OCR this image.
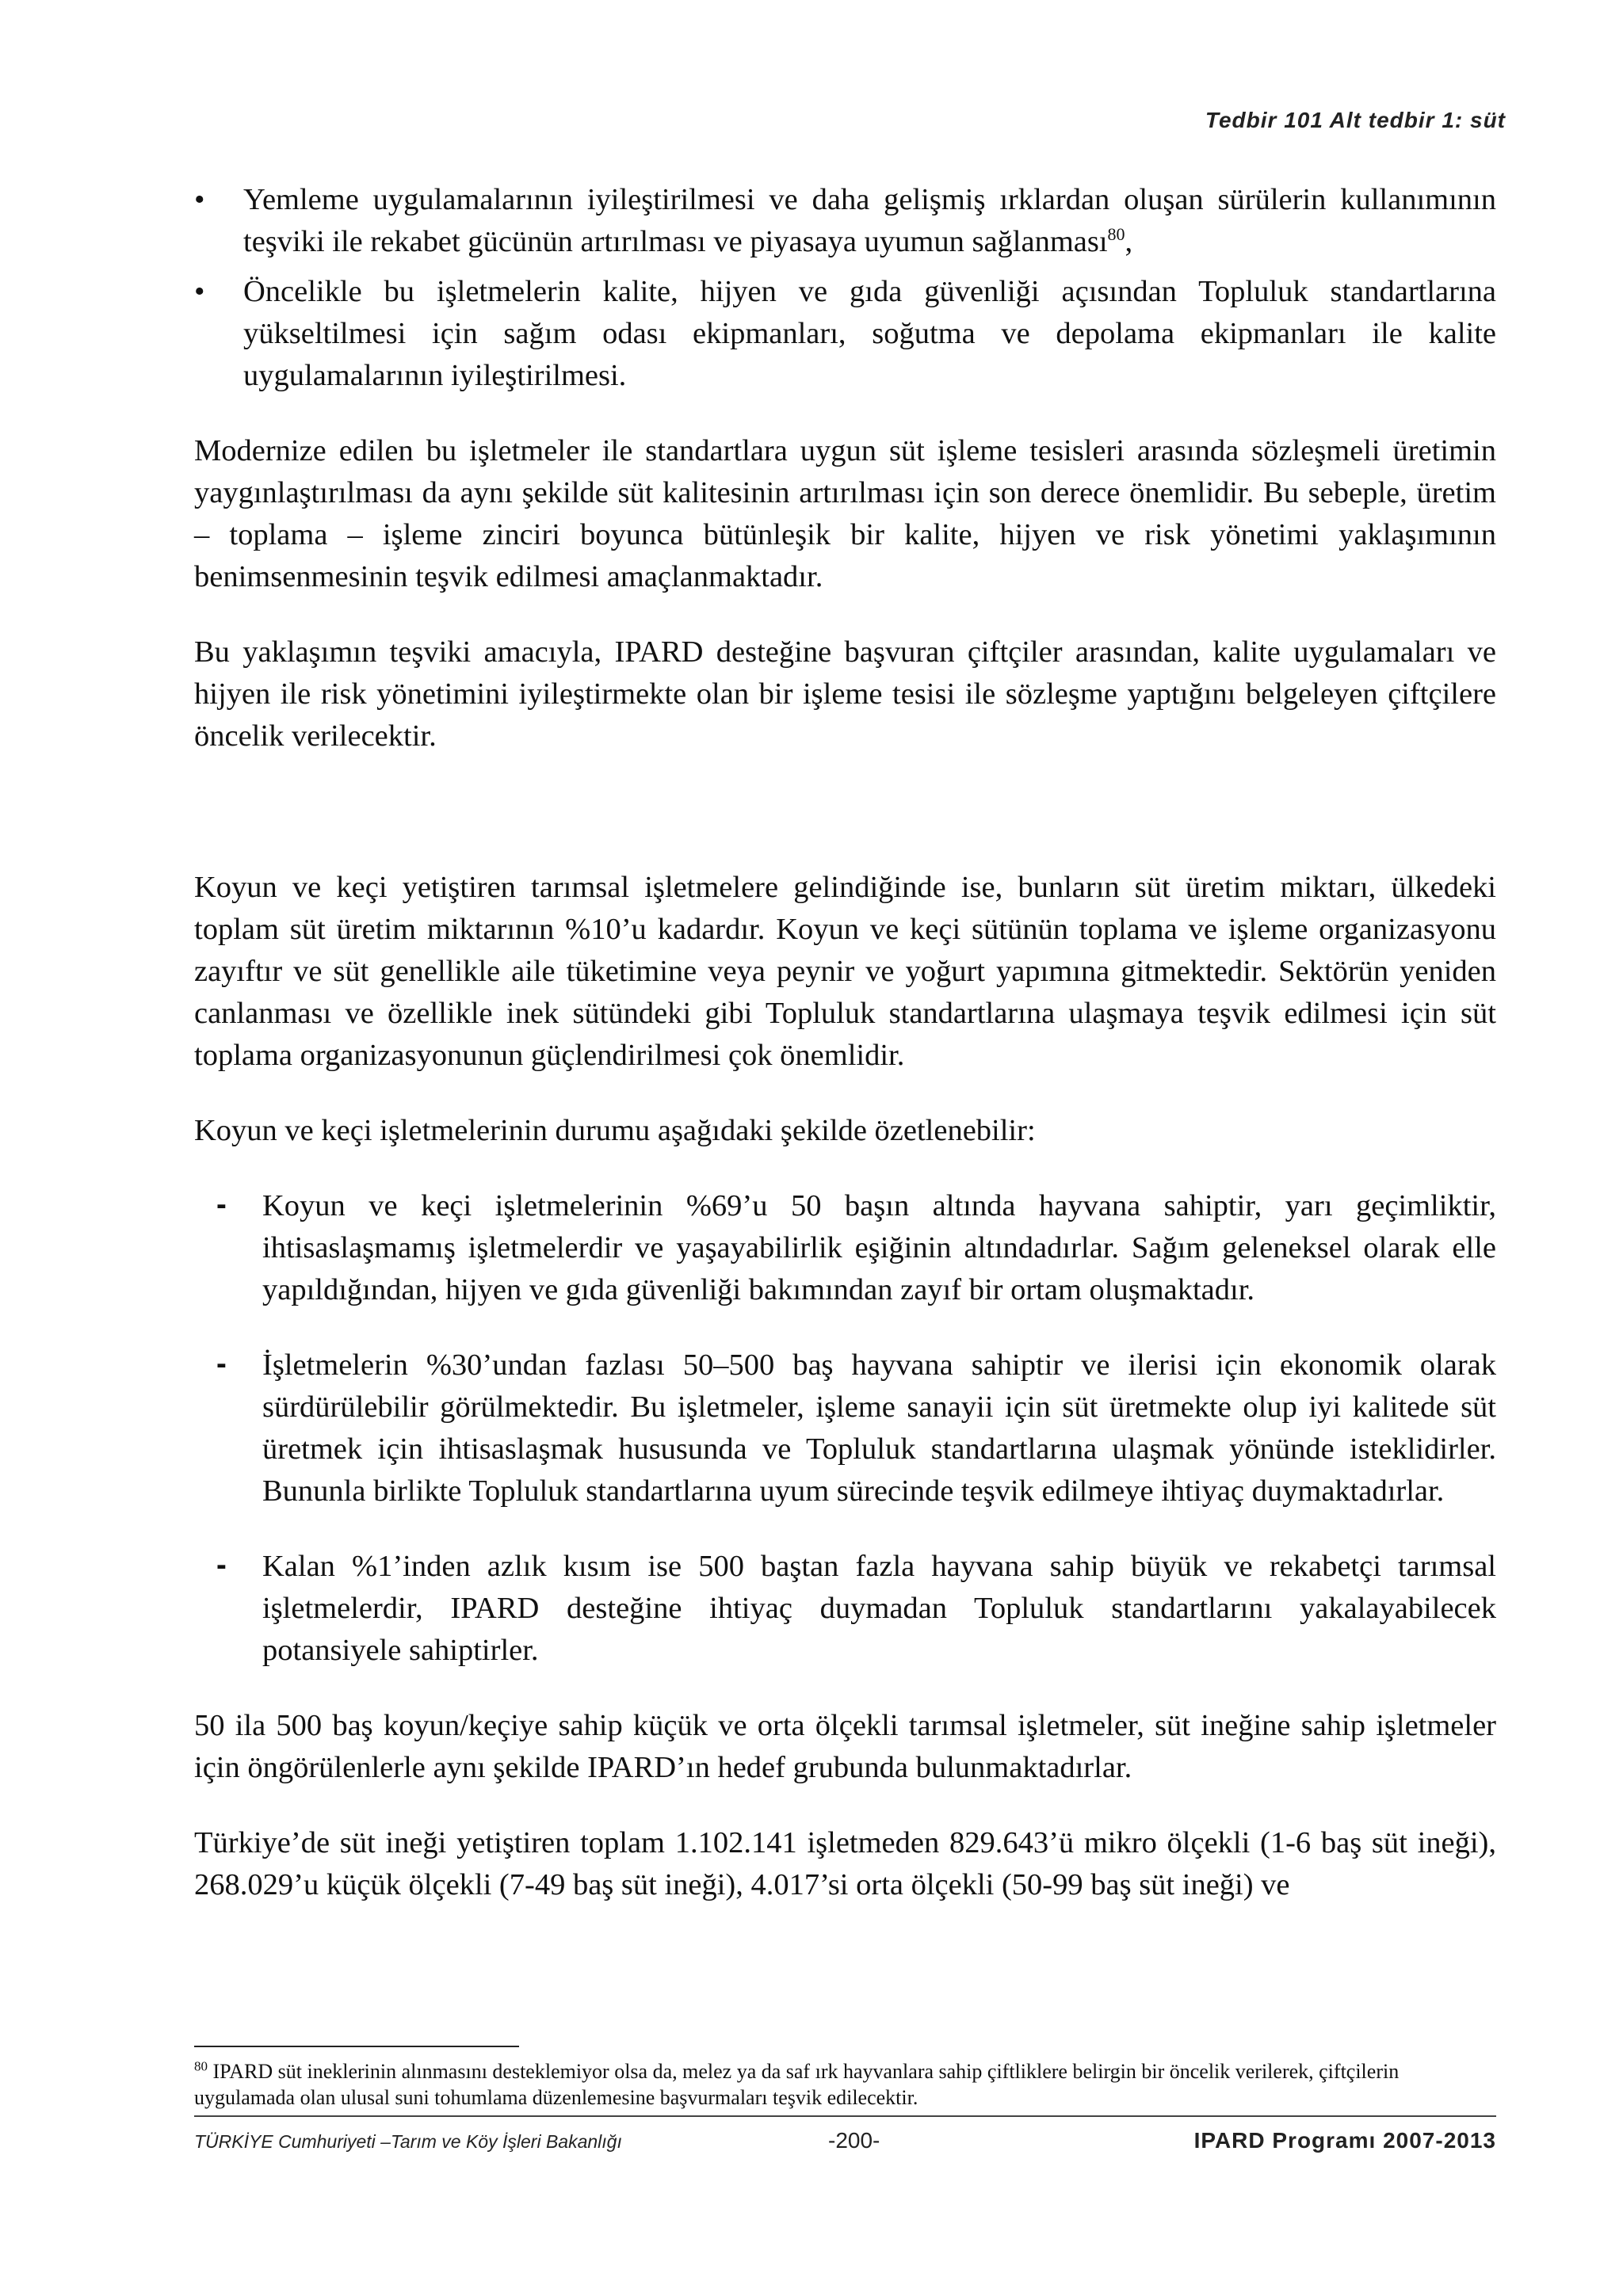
Tedbir 101 Alt tedbir 1: süt
• Yemleme uygulamalarının iyileştirilmesi ve daha gelişmiş ırklardan oluşan sürülerin kullanımının teşviki ile rekabet gücünün artırılması ve piyasaya uyumun sağlanması$^{80}$,
• Öncelikle bu işletmelerin kalite, hijyen ve gıda güvenliği açısından Topluluk standartlarına yükseltilmesi için sağım odası ekipmanları, soğutma ve depolama ekipmanları ile kalite uygulamalarının iyileştirilmesi.

Modernize edilen bu işletmeler ile standartlara uygun süt işleme tesisleri arasında sözleşmeli üretimin yaygınlaştırılması da aynı şekilde süt kalitesinin artırılması için son derece önemlidir. Bu sebeple, üretim – toplama – işleme zinciri boyunca bütünleşik bir kalite, hijyen ve risk yönetimi yaklaşımının benimsenmesinin teşvik edilmesi amaçlanmaktadır.

Bu yaklaşımın teşviki amacıyla, IPARD desteğine başvuran çiftçiler arasından, kalite uygulamaları ve hijyen ile risk yönetimini iyileştirmekte olan bir işleme tesisi ile sözleşme yaptığını belgeleyen çiftçilere öncelik verilecektir.

Koyun ve keçi yetiştiren tarımsal işletmelere gelindiğinde ise, bunların süt üretim miktarı, ülkedeki toplam süt üretim miktarının %10’u kadardır. Koyun ve keçi sütünün toplama ve işleme organizasyonu zayıftır ve süt genellikle aile tüketimine veya peynir ve yoğurt yapımına gitmektedir. Sektörün yeniden canlanması ve özellikle inek sütündeki gibi Topluluk standartlarına ulaşmaya teşvik edilmesi için süt toplama organizasyonunun güçlendirilmesi çok önemlidir.

Koyun ve keçi işletmelerinin durumu aşağıdaki şekilde özetlenebilir:

- Koyun ve keçi işletmelerinin %69’u 50 başın altında hayvana sahiptir, yarı geçimliktir, ihtisaslaşmamış işletmelerdir ve yaşayabilirlik eşiğinin altındadırlar. Sağım geleneksel olarak elle yapıldığından, hijyen ve gıda güvenliği bakımından zayıf bir ortam oluşmaktadır.
- İşletmelerin %30’undan fazlası 50–500 baş hayvana sahiptir ve ilerisi için ekonomik olarak sürdürülebilir görülmektedir. Bu işletmeler, işleme sanayii için süt üretmekte olup iyi kalitede süt üretmek için ihtisaslaşmak hususunda ve Topluluk standartlarına ulaşmak yönünde isteklidirler. Bununla birlikte Topluluk standartlarına uyum sürecinde teşvik edilmeye ihtiyaç duymaktadırlar.
- Kalan %1’inden azlık kısım ise 500 baştan fazla hayvana sahip büyük ve rekabetçi tarımsal işletmelerdir, IPARD desteğine ihtiyaç duymadan Topluluk standartlarını yakalayabilecek potansiyele sahiptirler.

50 ila 500 baş koyun/keçiye sahip küçük ve orta ölçekli tarımsal işletmeler, süt ineğine sahip işletmeler için öngörülenlerle aynı şekilde IPARD’ın hedef grubunda bulunmaktadırlar.

Türkiye’de süt ineği yetiştiren toplam 1.102.141 işletmeden 829.643’ü mikro ölçekli (1-6 baş süt ineği), 268.029’u küçük ölçekli (7-49 baş süt ineği), 4.017’si orta ölçekli (50-99 baş süt ineği) ve

$^{80}$ IPARD süt ineklerinin alınmasını desteklemiyor olsa da, melez ya da saf ırk hayvanlara sahip çiftliklere belirgin bir öncelik verilerek, çiftçilerin uygulamada olan ulusal suni tohumlama düzenlemesine başvurmaları teşvik edilecektir.
TÜRKİYE Cumhuriyeti –Tarım ve Köy İşleri Bakanlığı	-200-	IPARD Programı 2007-2013
